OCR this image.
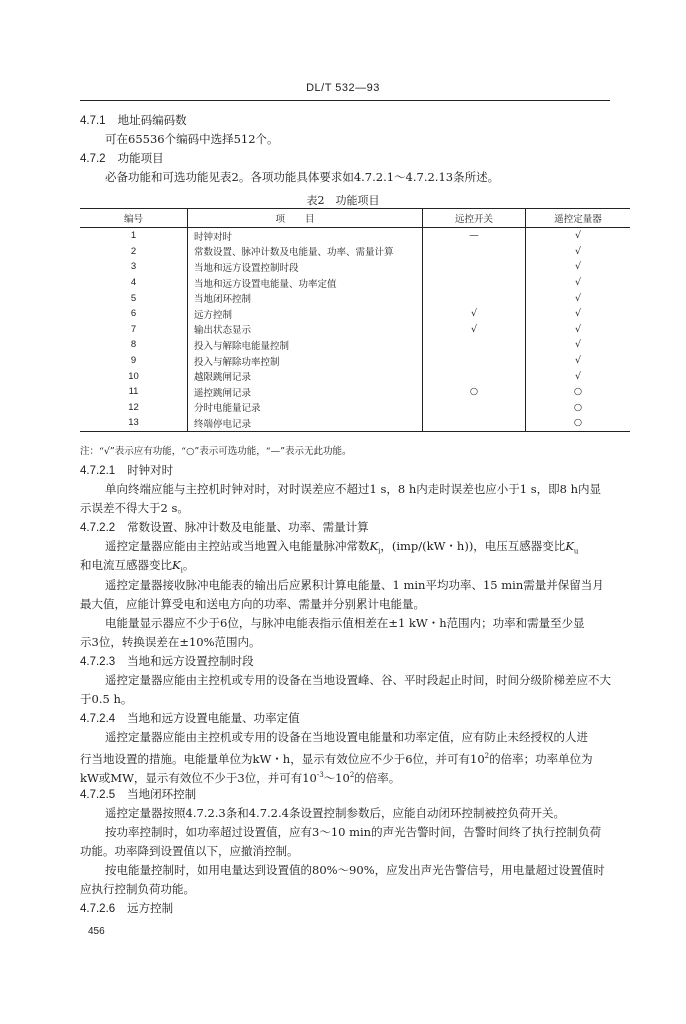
DL/T 532—93
4.7.1 地址码编码数
可在65536个编码中选择512个。
4.7.2 功能项目
必备功能和可选功能见表2。各项功能具体要求如4.7.2.1～4.7.2.13条所述。
表2　功能项目
编号	项目	远控开关	遥控定量器
1	时钟对时	—	√
2	常数设置、脉冲计数及电能量、功率、需量计算		√
3	当地和远方设置控制时段		√
4	当地和远方设置电能量、功率定值		√
5	当地闭环控制		√
6	远方控制	√	√
7	输出状态显示	√	√
8	投入与解除电能量控制		√
9	投入与解除功率控制		√
10	越限跳闸记录		√
11	遥控跳闸记录	○	○
12	分时电能量记录		○
13	终端停电记录		○
注：“√”表示应有功能，“○”表示可选功能，“—”表示无此功能。
4.7.2.1 时钟对时
单向终端应能与主控机时钟对时，对时误差应不超过1 s，8 h内走时误差也应小于1 s，即8 h内显
示误差不得大于2 s。
4.7.2.2 常数设置、脉冲计数及电能量、功率、需量计算
遥控定量器应能由主控站或当地置入电能量脉冲常数$K_i$，(imp/(kW・h))，电压互感器变比$K_u$
和电流互感器变比$K_i$。
遥控定量器接收脉冲电能表的输出后应累积计算电能量、1 min平均功率、15 min需量并保留当月
最大值，应能计算受电和送电方向的功率、需量并分别累计电能量。
电能量显示器应不少于6位，与脉冲电能表指示值相差在±1 kW・h范围内；功率和需量至少显
示3位，转换误差在±10%范围内。
4.7.2.3 当地和远方设置控制时段
遥控定量器应能由主控机或专用的设备在当地设置峰、谷、平时段起止时间，时间分级阶梯差应不大
于0.5 h。
4.7.2.4 当地和远方设置电能量、功率定值
遥控定量器应能由主控机或专用的设备在当地设置电能量和功率定值，应有防止未经授权的人进
行当地设置的措施。电能量单位为kW・h，显示有效位应不少于6位，并可有$10^2$的倍率；功率单位为
kW或MW，显示有效位不少于3位，并可有$10^{-3}\sim 10^2$的倍率。
4.7.2.5 当地闭环控制
遥控定量器按照4.7.2.3条和4.7.2.4条设置控制参数后，应能自动闭环控制被控负荷开关。
按功率控制时，如功率超过设置值，应有3～10 min的声光告警时间，告警时间终了执行控制负荷
功能。功率降到设置值以下，应撤消控制。
按电能量控制时，如用电量达到设置值的80%～90%，应发出声光告警信号，用电量超过设置值时
应执行控制负荷功能。
4.7.2.6 远方控制
456
